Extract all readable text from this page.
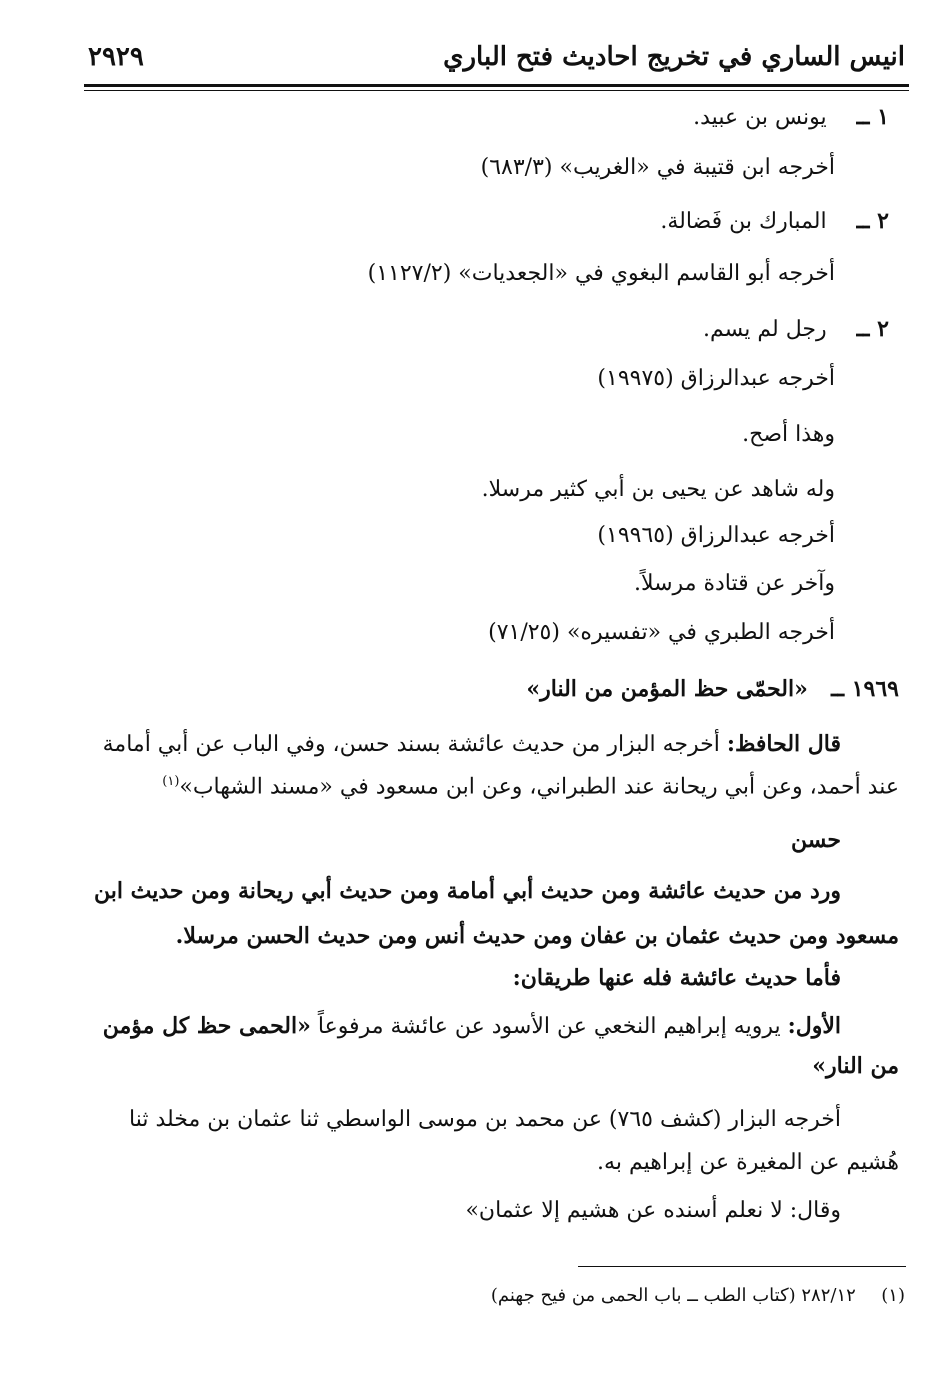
انيس الساري في تخريج احاديث فتح الباري
٢٩٢٩
١ ــ  يونس بن عبيد.
أخرجه ابن قتيبة في «الغريب» (٦٨٣/٣)
٢ ــ  المبارك بن فَضالة.
أخرجه أبو القاسم البغوي في «الجعديات» (١١٢٧/٢)
٢ ــ  رجل لم يسم.
أخرجه عبدالرزاق (١٩٩٧٥)
وهذا أصح.
وله شاهد عن يحيى بن أبي كثير مرسلا.
أخرجه عبدالرزاق (١٩٩٦٥)
وآخر عن قتادة مرسلاً.
أخرجه الطبري في «تفسيره» (٧١/٢٥)
١٩٦٩ ــ  «الحمّى حظ المؤمن من النار»
قال الحافظ: أخرجه البزار من حديث عائشة بسند حسن، وفي الباب عن أبي أمامة
عند أحمد، وعن أبي ريحانة عند الطبراني، وعن ابن مسعود في «مسند الشهاب»$^{(١)}$
حسن
ورد من حديث عائشة ومن حديث أبي أمامة ومن حديث أبي ريحانة ومن حديث ابن
مسعود ومن حديث عثمان بن عفان ومن حديث أنس ومن حديث الحسن مرسلا.
فأما حديث عائشة فله عنها طريقان:
الأول: يرويه إبراهيم النخعي عن الأسود عن عائشة مرفوعاً «الحمى حظ كل مؤمن
من النار»
أخرجه البزار (كشف ٧٦٥) عن محمد بن موسى الواسطي ثنا عثمان بن مخلد ثنا
هُشيم عن المغيرة عن إبراهيم به.
وقال: لا نعلم أسنده عن هشيم إلا عثمان»
(١)  ٢٨٢/١٢ (كتاب الطب ــ باب الحمى من فيح جهنم)
